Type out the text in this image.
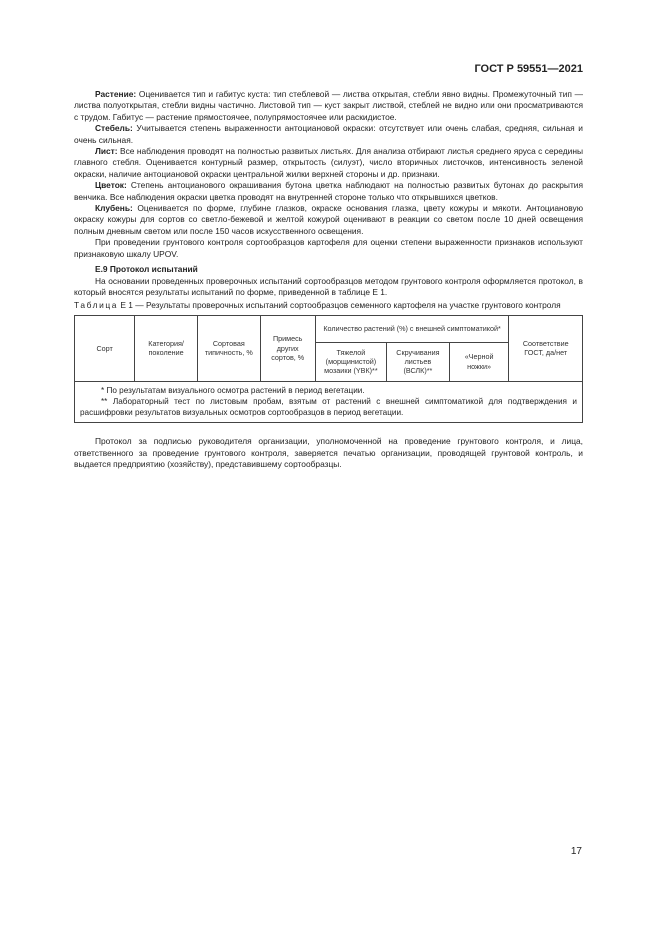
ГОСТ Р 59551—2021

Растение: Оценивается тип и габитус куста: тип стеблевой — листва открытая, стебли явно видны. Промежуточный тип — листва полуоткрытая, стебли видны частично. Листовой тип — куст закрыт листвой, стеблей не видно или они просматриваются с трудом. Габитус — растение прямостоячее, полупрямостоячее или раскидистое.

Стебель: Учитывается степень выраженности антоциановой окраски: отсутствует или очень слабая, средняя, сильная и очень сильная.

Лист: Все наблюдения проводят на полностью развитых листьях. Для анализа отбирают листья среднего яруса с середины главного стебля. Оценивается контурный размер, открытость (силуэт), число вторичных листочков, интенсивность зеленой окраски, наличие антоциановой окраски центральной жилки верхней стороны и др. признаки.

Цветок: Степень антоцианового окрашивания бутона цветка наблюдают на полностью развитых бутонах до раскрытия венчика. Все наблюдения окраски цветка проводят на внутренней стороне только что открывшихся цветков.

Клубень: Оценивается по форме, глубине глазков, окраске основания глазка, цвету кожуры и мякоти. Антоциановую окраску кожуры для сортов со светло-бежевой и желтой кожурой оценивают в реакции со светом после 10 дней освещения полным дневным светом или после 150 часов искусственного освещения.

При проведении грунтового контроля сортообразцов картофеля для оценки степени выраженности признаков используют признаковую шкалу UPOV.

Е.9 Протокол испытаний

На основании проведенных проверочных испытаний сортообразцов методом грунтового контроля оформляется протокол, в который вносятся результаты испытаний по форме, приведенной в таблице Е 1.

Таблица Е 1 — Результаты проверочных испытаний сортообразцов семенного картофеля на участке грунтового контроля

Сорт	Категория/ поколение	Сортовая типичность, %	Примесь других сортов, %	Количество растений (%) с внешней симптоматикой*			Соответствие ГОСТ, да/нет
				Тяжелой (морщинистой) мозаики (YВК)**	Скручивания листьев (ВСЛК)**	«Черной ножки»	

* По результатам визуального осмотра растений в период вегетации.
** Лабораторный тест по листовым пробам, взятым от растений с внешней симптоматикой для подтверждения и расшифровки результатов визуальных осмотров сортообразцов в период вегетации.							

Протокол за подписью руководителя организации, уполномоченной на проведение грунтового контроля, и лица, ответственного за проведение грунтового контроля, заверяется печатью организации, проводящей грунтовой контроль, и выдается предприятию (хозяйству), представившему сортообразцы.

17
